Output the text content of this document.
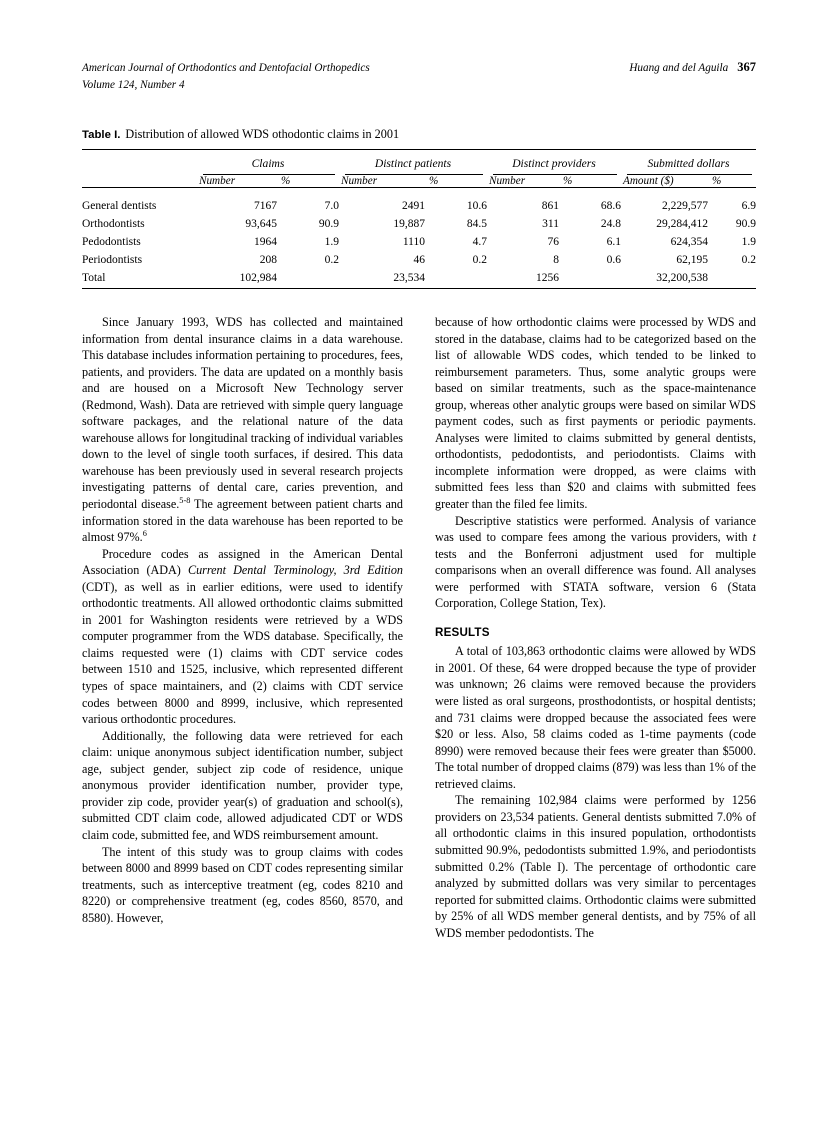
American Journal of Orthodontics and Dentofacial Orthopedics	Huang and del Aguila 367
Volume 124, Number 4
Table I. Distribution of allowed WDS othodontic claims in 2001

	Claims		Distinct patients		Distinct providers		Submitted dollars	

	Number	%	Number	%	Number	%	Amount ($)	%

General dentists	7167	7.0	2491	10.6	861	68.6	2,229,577	6.9
Orthodontists	93,645	90.9	19,887	84.5	311	24.8	29,284,412	90.9
Pedodontists	1964	1.9	1110	4.7	76	6.1	624,354	1.9
Periodontists	208	0.2	46	0.2	8	0.6	62,195	0.2
Total	102,984		23,534		1256		32,200,538	

Since January 1993, WDS has collected and maintained information from dental insurance claims in a data warehouse. This database includes information pertaining to procedures, fees, patients, and providers. The data are updated on a monthly basis and are housed on a Microsoft New Technology server (Redmond, Wash). Data are retrieved with simple query language software packages, and the relational nature of the data warehouse allows for longitudinal tracking of individual variables down to the level of single tooth surfaces, if desired. This data warehouse has been previously used in several research projects investigating patterns of dental care, caries prevention, and periodontal disease.$^{5-8}$ The agreement between patient charts and information stored in the data warehouse has been reported to be almost 97%.$^6$

Procedure codes as assigned in the American Dental Association (ADA) Current Dental Terminology, 3rd Edition (CDT), as well as in earlier editions, were used to identify orthodontic treatments. All allowed orthodontic claims submitted in 2001 for Washington residents were retrieved by a WDS computer programmer from the WDS database. Specifically, the claims requested were (1) claims with CDT service codes between 1510 and 1525, inclusive, which represented different types of space maintainers, and (2) claims with CDT service codes between 8000 and 8999, inclusive, which represented various orthodontic procedures.

Additionally, the following data were retrieved for each claim: unique anonymous subject identification number, subject age, subject gender, subject zip code of residence, unique anonymous provider identification number, provider type, provider zip code, provider year(s) of graduation and school(s), submitted CDT claim code, allowed adjudicated CDT or WDS claim code, submitted fee, and WDS reimbursement amount.

The intent of this study was to group claims with codes between 8000 and 8999 based on CDT codes representing similar treatments, such as interceptive treatment (eg, codes 8210 and 8220) or comprehensive treatment (eg, codes 8560, 8570, and 8580). However,

because of how orthodontic claims were processed by WDS and stored in the database, claims had to be categorized based on the list of allowable WDS codes, which tended to be linked to reimbursement parameters. Thus, some analytic groups were based on similar treatments, such as the space-maintenance group, whereas other analytic groups were based on similar WDS payment codes, such as first payments or periodic payments. Analyses were limited to claims submitted by general dentists, orthodontists, pedodontists, and periodontists. Claims with incomplete information were dropped, as were claims with submitted fees less than $20 and claims with submitted fees greater than the filed fee limits.

Descriptive statistics were performed. Analysis of variance was used to compare fees among the various providers, with t tests and the Bonferroni adjustment used for multiple comparisons when an overall difference was found. All analyses were performed with STATA software, version 6 (Stata Corporation, College Station, Tex).

RESULTS

A total of 103,863 orthodontic claims were allowed by WDS in 2001. Of these, 64 were dropped because the type of provider was unknown; 26 claims were removed because the providers were listed as oral surgeons, prosthodontists, or hospital dentists; and 731 claims were dropped because the associated fees were $20 or less. Also, 58 claims coded as 1-time payments (code 8990) were removed because their fees were greater than $5000. The total number of dropped claims (879) was less than 1% of the retrieved claims.

The remaining 102,984 claims were performed by 1256 providers on 23,534 patients. General dentists submitted 7.0% of all orthodontic claims in this insured population, orthodontists submitted 90.9%, pedodontists submitted 1.9%, and periodontists submitted 0.2% (Table I). The percentage of orthodontic care analyzed by submitted dollars was very similar to percentages reported for submitted claims. Orthodontic claims were submitted by 25% of all WDS member general dentists, and by 75% of all WDS member pedodontists. The
